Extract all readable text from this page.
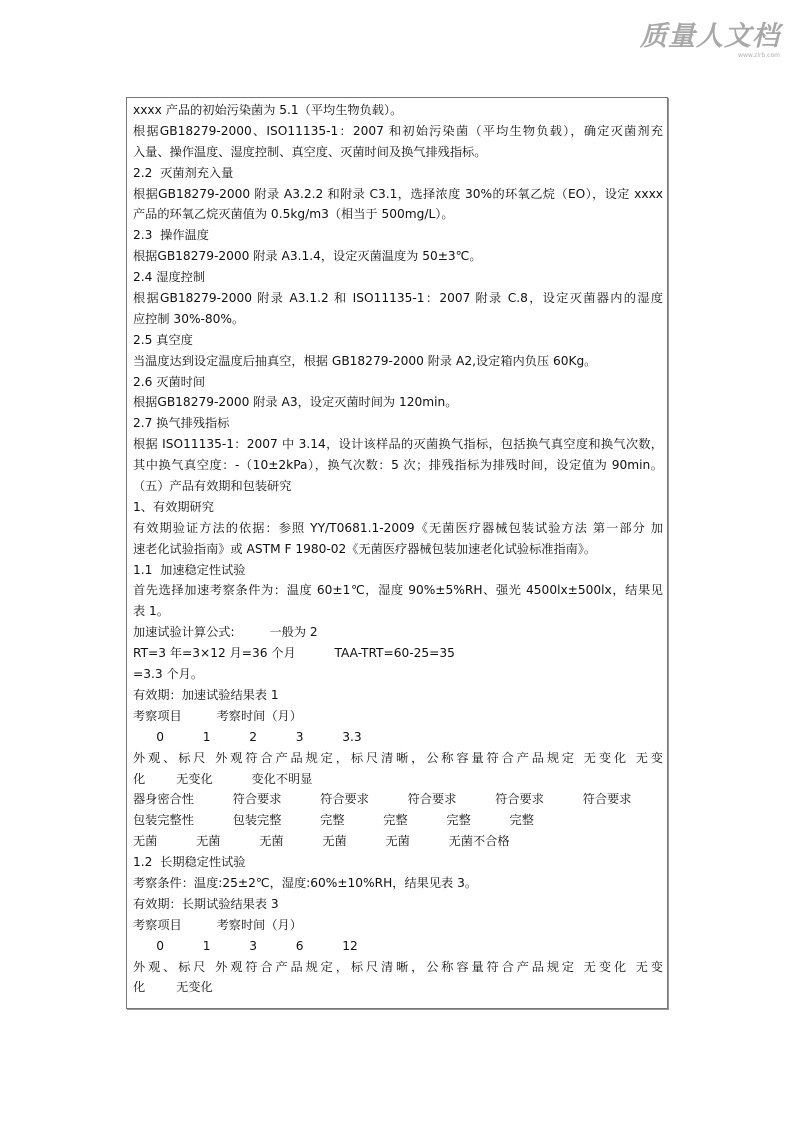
质量人文档
www.zlrb.com
xxxx 产品的初始污染菌为 5.1（平均生物负载）。
根据GB18279-2000、ISO11135-1：2007 和初始污染菌（平均生物负载），确定灭菌剂充
入量、操作温度、湿度控制、真空度、灭菌时间及换气排残指标。
2.2  灭菌剂充入量
根据GB18279-2000 附录 A3.2.2 和附录 C3.1，选择浓度 30%的环氧乙烷（EO），设定 xxxx
产品的环氧乙烷灭菌值为 0.5kg/m3（相当于 500mg/L）。
2.3  操作温度
根据GB18279-2000 附录 A3.1.4，设定灭菌温度为 50±3℃。
2.4 湿度控制
根据GB18279-2000 附录 A3.1.2 和 ISO11135-1：2007 附录 C.8，设定灭菌器内的湿度
应控制 30%-80%。
2.5 真空度
当温度达到设定温度后抽真空，根据 GB18279-2000 附录 A2,设定箱内负压 60Kg。
2.6 灭菌时间
根据GB18279-2000 附录 A3，设定灭菌时间为 120min。
2.7 换气排残指标
根据 ISO11135-1：2007 中 3.14，设计该样品的灭菌换气指标，包括换气真空度和换气次数，
其中换气真空度：-（10±2kPa），换气次数：5 次；排残指标为排残时间，设定值为 90min。
（五）产品有效期和包装研究
1、有效期研究
有效期验证方法的依据：参照 YY/T0681.1-2009《无菌医疗器械包装试验方法 第一部分 加
速老化试验指南》或 ASTM F 1980-02《无菌医疗器械包装加速老化试验标准指南》。
1.1  加速稳定性试验
首先选择加速考察条件为：温度 60±1℃，湿度 90%±5%RH、强光 4500lx±500lx，结果见
表 1。
加速试验计算公式:         一般为 2
RT=3 年=3×12 月=36 个月          TAA-TRT=60-25=35
=3.3 个月。
有效期：加速试验结果表 1
考察项目         考察时间（月）
0          1          2          3          3.3
外观、标尺 外观符合产品规定，标尺清晰，公称容量符合产品规定 无变化 无变
化        无变化          变化不明显
器身密合性          符合要求          符合要求          符合要求          符合要求          符合要求
包装完整性          包装完整          完整          完整          完整          完整
无菌          无菌          无菌          无菌          无菌          无菌不合格
1.2  长期稳定性试验
考察条件：温度:25±2℃，湿度:60%±10%RH，结果见表 3。
有效期：长期试验结果表 3
考察项目         考察时间（月）
0          1          3          6          12
外观、标尺 外观符合产品规定，标尺清晰，公称容量符合产品规定 无变化 无变
化        无变化
